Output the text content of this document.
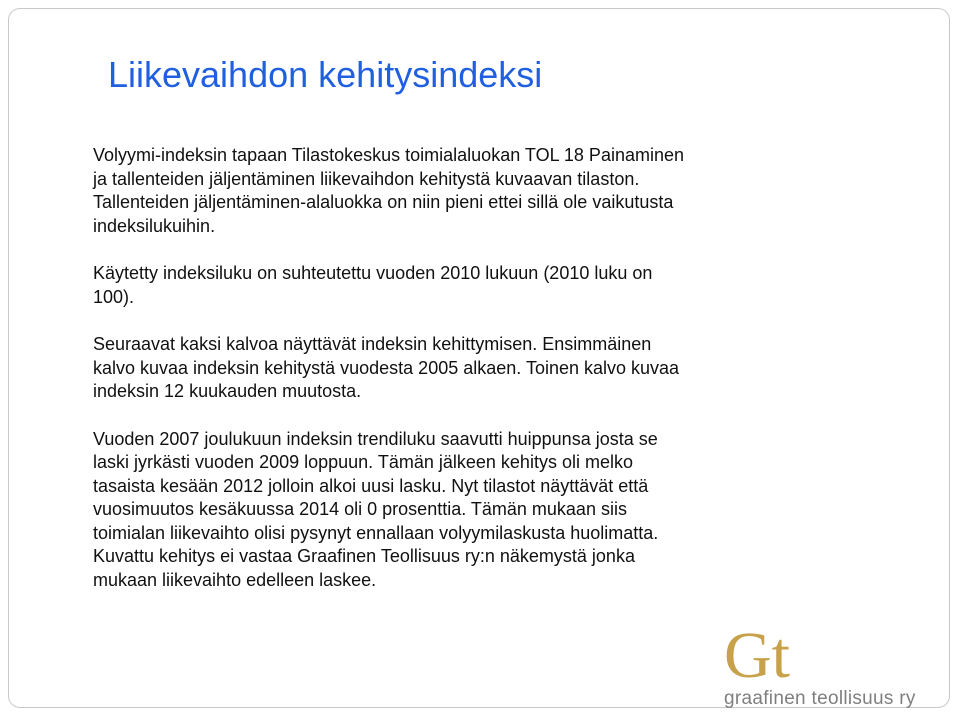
Liikevaihdon kehitysindeksi
Volyymi-indeksin tapaan Tilastokeskus toimialaluokan TOL 18 Painaminen
ja tallenteiden jäljentäminen liikevaihdon kehitystä kuvaavan tilaston.
Tallenteiden jäljentäminen-alaluokka on niin pieni ettei sillä ole vaikutusta
indeksilukuihin.
Käytetty indeksiluku on suhteutettu vuoden 2010 lukuun (2010 luku on
100).
Seuraavat kaksi kalvoa näyttävät indeksin kehittymisen. Ensimmäinen
kalvo kuvaa indeksin kehitystä vuodesta 2005 alkaen. Toinen kalvo kuvaa
indeksin 12 kuukauden muutosta.
Vuoden 2007 joulukuun indeksin trendiluku saavutti huippunsa josta se
laski jyrkästi vuoden 2009 loppuun. Tämän jälkeen kehitys oli melko
tasaista kesään 2012 jolloin alkoi uusi lasku. Nyt tilastot näyttävät että
vuosimuutos kesäkuussa 2014 oli 0 prosenttia. Tämän mukaan siis
toimialan liikevaihto olisi pysynyt ennallaan volyymilaskusta huolimatta.
Kuvattu kehitys ei vastaa Graafinen Teollisuus ry:n näkemystä jonka
mukaan liikevaihto edelleen laskee.
Gt
graafinen teollisuus ry
